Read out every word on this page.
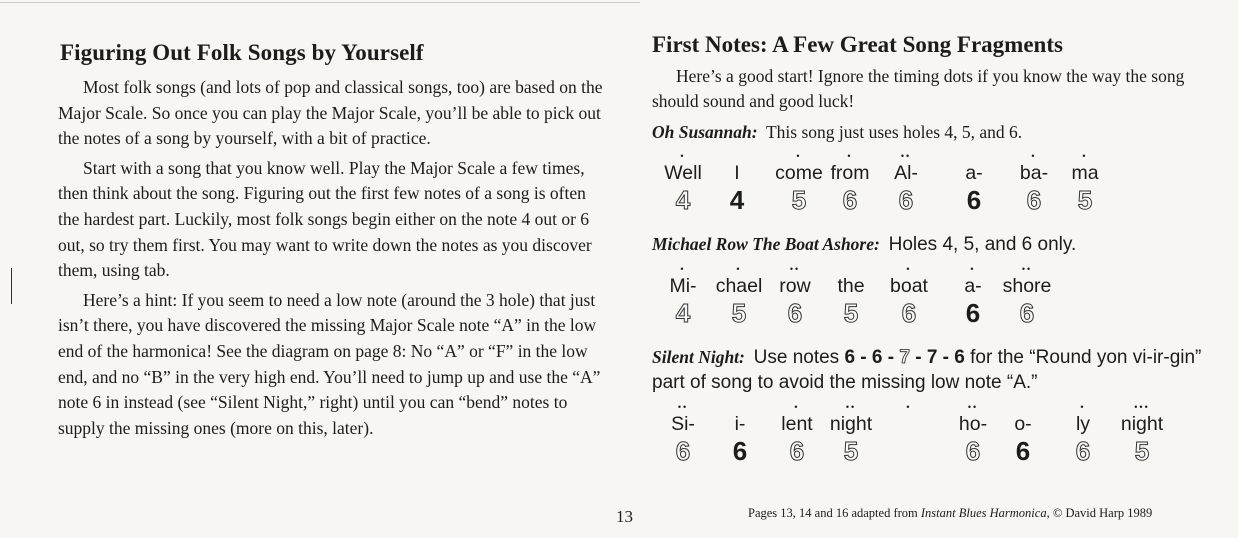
Figuring Out Folk Songs by Yourself

Most folk songs (and lots of pop and classical songs, too) are based on the Major Scale. So once you can play the Major Scale, you’ll be able to pick out the notes of a song by yourself, with a bit of practice.

Start with a song that you know well. Play the Major Scale a few times, then think about the song. Figuring out the first few notes of a song is often the hardest part. Luckily, most folk songs begin either on the note 4 out or 6 out, so try them first. You may want to write down the notes as you discover them, using tab.

Here’s a hint: If you seem to need a low note (around the 3 hole) that just isn’t there, you have discovered the missing Major Scale note “A” in the low end of the harmonica! See the diagram on page 8: No “A” or “F” in the low end, and no “B” in the very high end. You’ll need to jump up and use the “A” note 6 in instead (see “Silent Night,” right) until you can “bend” notes to supply the missing ones (more on this, later).

13
First Notes: A Few Great Song Fragments

Here’s a good start! Ignore the timing dots if you know the way the song should sound and good luck!

Oh Susannah: This song just uses holes 4, 5, and 6.

•
Well
4
I
4
•
come
5
•
from
6
••
Al-
6
a-
6
•
ba-
6
•
ma
5

Michael Row The Boat Ashore: Holes 4, 5, and 6 only.

•
Mi-
4
•
chael
5
••
row
6
the
5
•
boat
6
•
a-
6
••
shore
6

Silent Night: Use notes 6 - 6 - 7 - 7 - 6 for the “Round yon vi-ir-gin” part of song to avoid the missing low note “A.”

••
Si-
6
i-
6
•
lent
6
••
night
5
•

	••
ho-
6
o-
6
•
ly
6
•••
night
5
Pages 13, 14 and 16 adapted from Instant Blues Harmonica, © David Harp 1989
